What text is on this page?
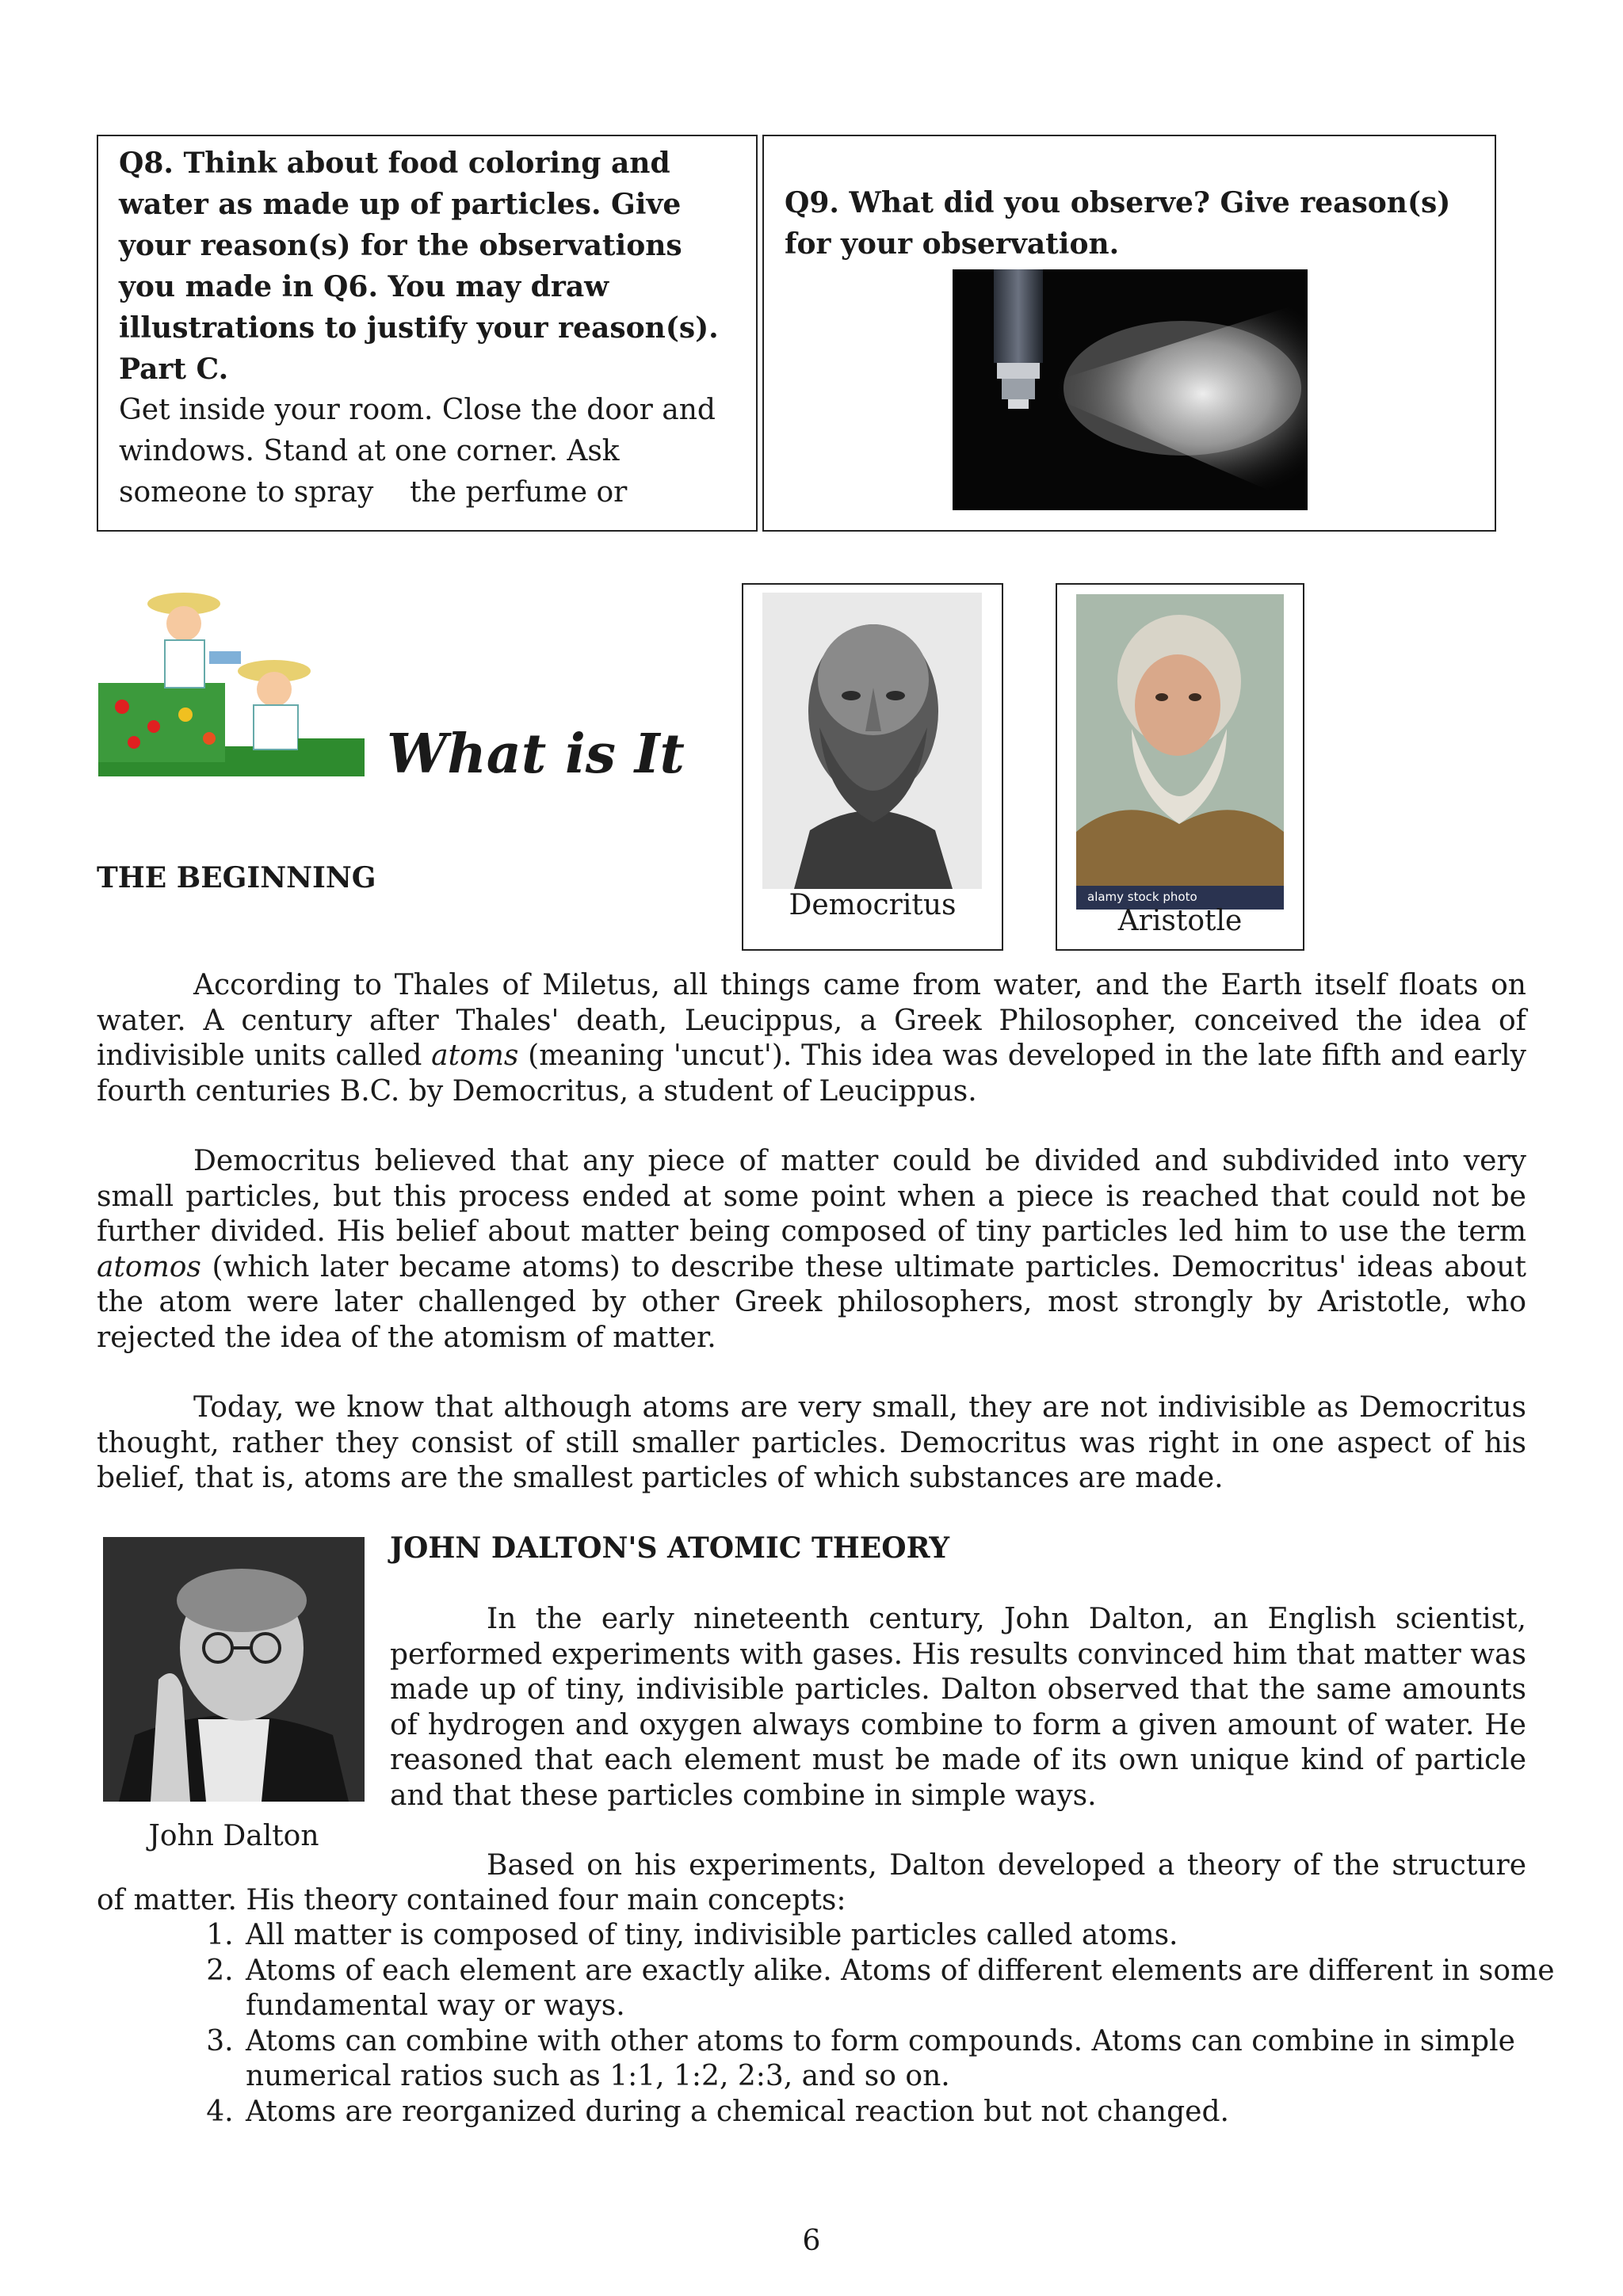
Q8. Think about food coloring and water as made up of particles. Give your reason(s) for the observations you made in Q6. You may draw illustrations to justify your reason(s).
Part C.
Get inside your room. Close the door and windows. Stand at one corner. Ask someone to spray    the perfume or
Q9. What did you observe? Give reason(s) for your observation.
What is It
Democritus	alamy stock photo
Aristotle
THE BEGINNING
According to Thales of Miletus, all things came from water, and the Earth itself floats on water. A century after Thales' death, Leucippus, a Greek Philosopher, conceived the idea of indivisible units called atoms (meaning 'uncut'). This idea was developed in the late fifth and early fourth centuries B.C. by Democritus, a student of Leucippus.
Democritus believed that any piece of matter could be divided and subdivided into very small particles, but this process ended at some point when a piece is reached that could not be further divided. His belief about matter being composed of tiny particles led him to use the term atomos (which later became atoms) to describe these ultimate particles. Democritus' ideas about the atom were later challenged by other Greek philosophers, most strongly by Aristotle, who rejected the idea of the atomism of matter.
Today, we know that although atoms are very small, they are not indivisible as Democritus thought, rather they consist of still smaller particles. Democritus was right in one aspect of his belief, that is, atoms are the smallest particles of which substances are made.
John Dalton
JOHN DALTON'S ATOMIC THEORY
In the early nineteenth century, John Dalton, an English scientist, performed experiments with gases. His results convinced him that matter was made up of tiny, indivisible particles. Dalton observed that the same amounts of hydrogen and oxygen always combine to form a given amount of water. He reasoned that each element must be made of its own unique kind of particle and that these particles combine in simple ways.
Based on his experiments, Dalton developed a theory of the structure
of matter. His theory contained four main concepts:
1. All matter is composed of tiny, indivisible particles called atoms.
2. Atoms of each element are exactly alike. Atoms of different elements are different in some fundamental way or ways.
3. Atoms can combine with other atoms to form compounds. Atoms can combine in simple numerical ratios such as 1:1, 1:2, 2:3, and so on.
4. Atoms are reorganized during a chemical reaction but not changed.
6
